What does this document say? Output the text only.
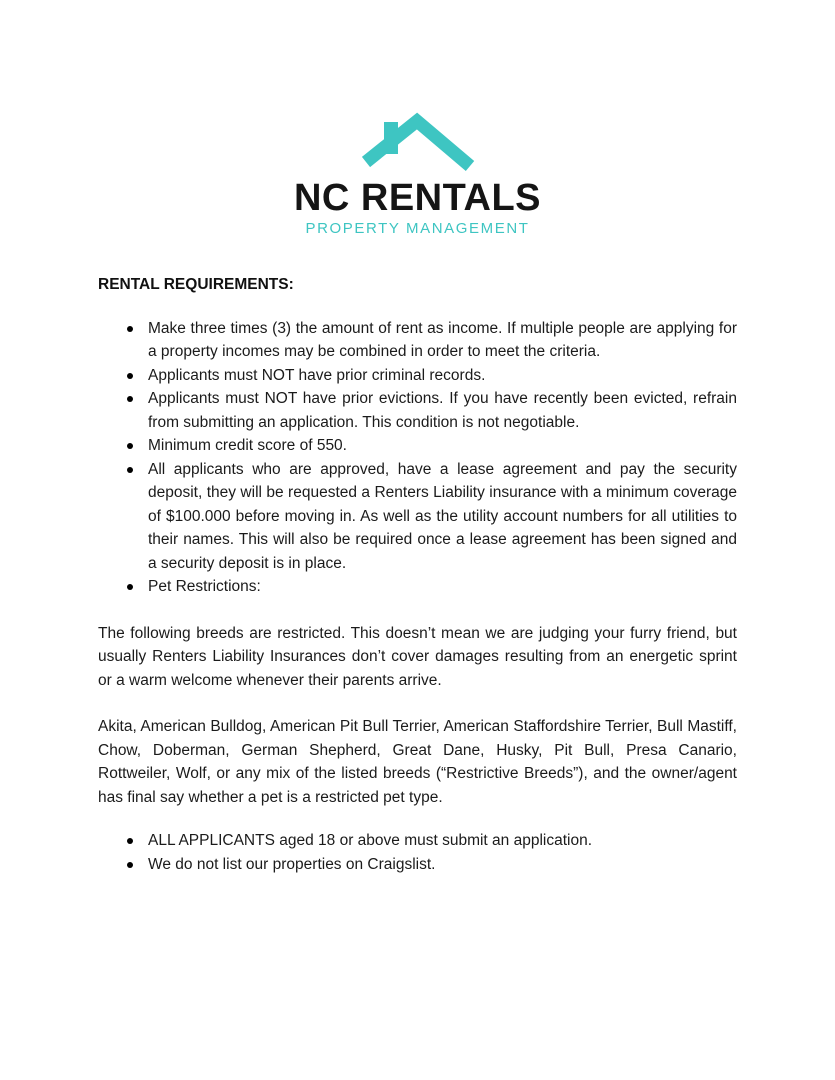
NC RENTALS
PROPERTY MANAGEMENT
RENTAL REQUIREMENTS:
Make three times (3) the amount of rent as income. If multiple people are applying for a property incomes may be combined in order to meet the criteria.
Applicants must NOT have prior criminal records.
Applicants must NOT have prior evictions. If you have recently been evicted, refrain from submitting an application. This condition is not negotiable.
Minimum credit score of 550.
All applicants who are approved, have a lease agreement and pay the security deposit, they will be requested a Renters Liability insurance with a minimum coverage of $100.000 before moving in. As well as the utility account numbers for all utilities to their names. This will also be required once a lease agreement has been signed and a security deposit is in place.
Pet Restrictions:

The following breeds are restricted. This doesn’t mean we are judging your furry friend, but usually Renters Liability Insurances don’t cover damages resulting from an energetic sprint or a warm welcome whenever their parents arrive.

Akita, American Bulldog, American Pit Bull Terrier, American Staffordshire Terrier, Bull Mastiff, Chow, Doberman, German Shepherd, Great Dane, Husky, Pit Bull, Presa Canario, Rottweiler, Wolf, or any mix of the listed breeds (“Restrictive Breeds”), and the owner/agent has final say whether a pet is a restricted pet type.

ALL APPLICANTS aged 18 or above must submit an application.
We do not list our properties on Craigslist.
